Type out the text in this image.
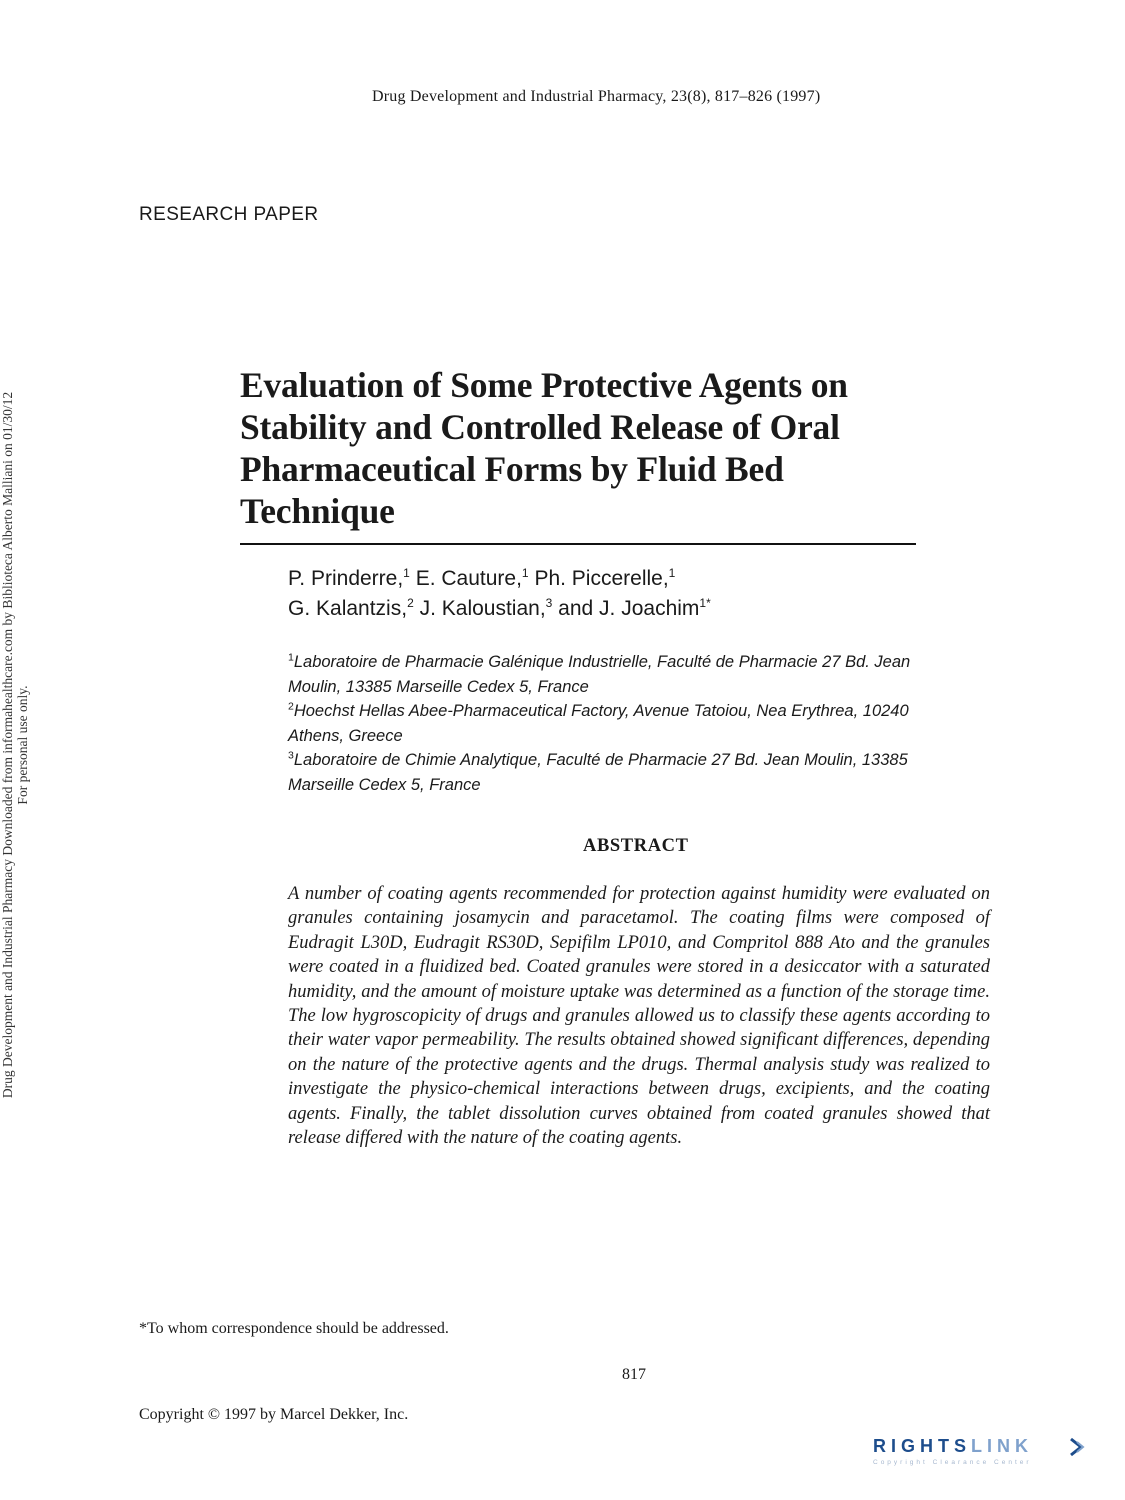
Drug Development and Industrial Pharmacy, 23(8), 817–826 (1997)
RESEARCH PAPER
Drug Development and Industrial Pharmacy Downloaded from informahealthcare.com by Biblioteca Alberto Malliani on 01/30/12 For personal use only.
Evaluation of Some Protective Agents on
Stability and Controlled Release of Oral
Pharmaceutical Forms by Fluid Bed
Technique
P. Prinderre,$^1$ E. Cauture,$^1$ Ph. Piccerelle,$^1$
G. Kalantzis,$^2$ J. Kaloustian,$^3$ and J. Joachim$^{1*}$
$^1$Laboratoire de Pharmacie Galénique Industrielle, Faculté de Pharmacie 27 Bd. Jean Moulin, 13385 Marseille Cedex 5, France
$^2$Hoechst Hellas Abee-Pharmaceutical Factory, Avenue Tatoiou, Nea Erythrea, 10240 Athens, Greece
$^3$Laboratoire de Chimie Analytique, Faculté de Pharmacie 27 Bd. Jean Moulin, 13385 Marseille Cedex 5, France
ABSTRACT
A number of coating agents recommended for protection against humidity were evaluated on granules containing josamycin and paracetamol. The coating films were composed of Eudragit L30D, Eudragit RS30D, Sepifilm LP010, and Compritol 888 Ato and the granules were coated in a fluidized bed. Coated granules were stored in a desiccator with a saturated humidity, and the amount of moisture uptake was determined as a function of the storage time. The low hygroscopicity of drugs and granules allowed us to classify these agents according to their water vapor permeability. The results obtained showed significant differences, depending on the nature of the protective agents and the drugs. Thermal analysis study was realized to investigate the physico-chemical interactions between drugs, excipients, and the coating agents. Finally, the tablet dissolution curves obtained from coated granules showed that release differed with the nature of the coating agents.
*To whom correspondence should be addressed.
817
Copyright © 1997 by Marcel Dekker, Inc.
RIGHTSLINK
Copyright Clearance Center
